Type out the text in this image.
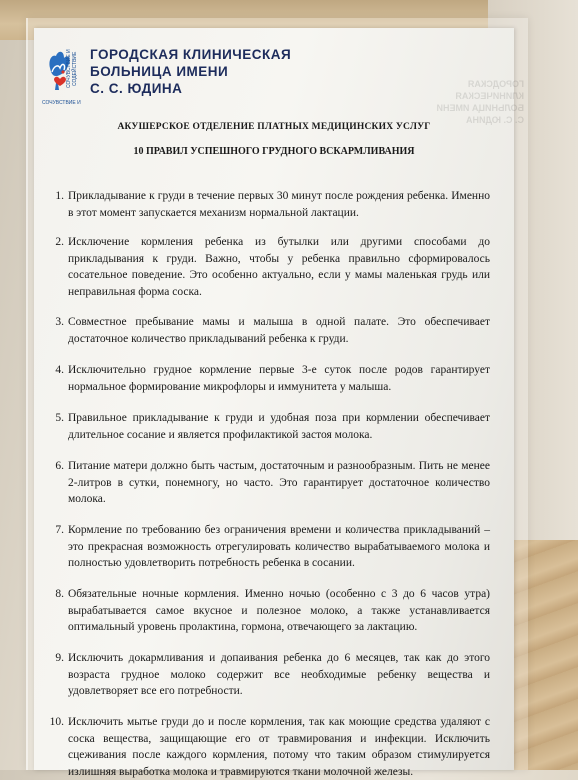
ГОРОДСКАЯ КЛИНИЧЕСКАЯ
БОЛЬНИЦА ИМЕНИ
С. С. ЮДИНА
СОЧУВСТВИЕ И СОДЕЙСТВИЕ
СОЧУВСТВИЕ И
ГОРОДСКАЯ КЛИНИЧЕСКАЯ
БОЛЬНИЦА ИМЕНИ
С. С. ЮДИНА
АКУШЕРСКОЕ ОТДЕЛЕНИЕ ПЛАТНЫХ МЕДИЦИНСКИХ УСЛУГ
10 ПРАВИЛ УСПЕШНОГО ГРУДНОГО ВСКАРМЛИВАНИЯ
1. Прикладывание к груди в течение первых 30 минут после рождения ребенка. Именно в этот момент запускается механизм нормальной лактации.
2. Исключение кормления ребенка из бутылки или другими способами до прикладывания к груди. Важно, чтобы у ребенка правильно сформировалось сосательное поведение. Это особенно актуально, если у мамы маленькая грудь или неправильная форма соска.
3. Совместное пребывание мамы и малыша в одной палате. Это обеспечивает достаточное количество прикладываний ребенка к груди.
4. Исключительно грудное кормление первые 3-е суток после родов гарантирует нормальное формирование микрофлоры и иммунитета у малыша.
5. Правильное прикладывание к груди и удобная поза при кормлении обеспечивает длительное сосание и является профилактикой застоя молока.
6. Питание матери должно быть частым, достаточным и разнообразным. Пить не менее 2-литров в сутки, понемногу, но часто. Это гарантирует достаточное количество молока.
7. Кормление по требованию без ограничения времени и количества прикладываний – это прекрасная возможность отрегулировать количество вырабатываемого молока и полностью удовлетворить потребность ребенка в сосании.
8. Обязательные ночные кормления. Именно ночью (особенно с 3 до 6 часов утра) вырабатывается самое вкусное и полезное молоко, а также устанавливается оптимальный уровень пролактина, гормона, отвечающего за лактацию.
9. Исключить докармливания и допаивания ребенка до 6 месяцев, так как до этого возраста грудное молоко содержит все необходимые ребенку вещества и удовлетворяет все его потребности.
10. Исключить мытье груди до и после кормления, так как моющие средства удаляют с соска вещества, защищающие его от травмирования и инфекции. Исключить сцеживания после каждого кормления, потому что таким образом стимулируется излишняя выработка молока и травмируются ткани молочной железы.
